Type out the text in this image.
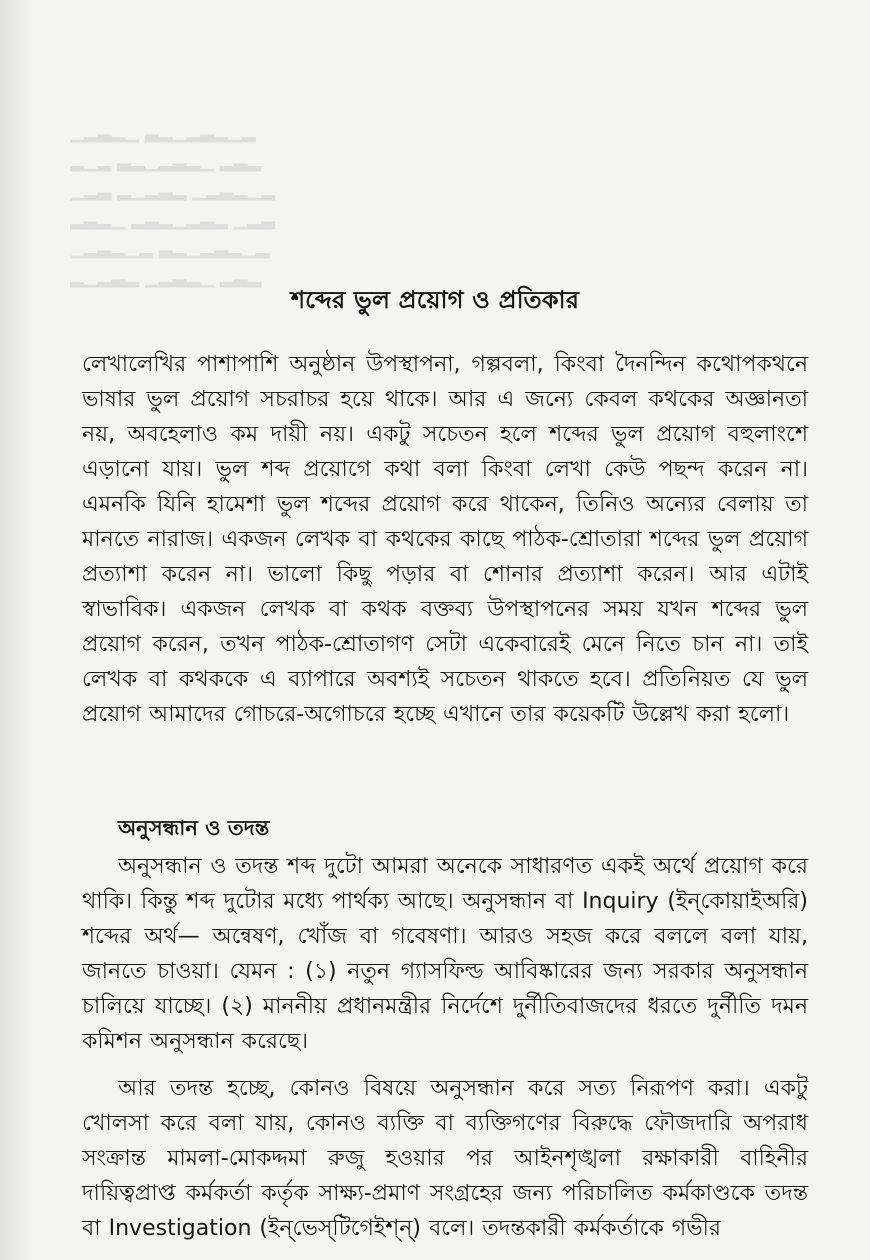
▁▂▃▂▁ ▃▂▁▂▃▂▁▂
▂▁▂ ▃▂▁▂▃▂▁ ▂▃▂
▁▂▃ ▂▁▂▃▂ ▁▂▃▂▁▂
▂▃▂▁ ▂▃▂▁▂▃▂ ▁▂▃
▁▂▃▂▁▂ ▃▂▁▂▃▂▁▂
▂▁▂▃▂ ▁▂▃▂▁ ▂▃▂
শব্দের ভুল প্রয়োগ ও প্রতিকার
লেখালেখির পাশাপাশি অনুষ্ঠান উপস্থাপনা, গল্পবলা, কিংবা দৈনন্দিন কথোপকথনে ভাষার ভুল প্রয়োগ সচরাচর হয়ে থাকে। আর এ জন্যে কেবল কথকের অজ্ঞানতা নয়, অবহেলাও কম দায়ী নয়। একটু সচেতন হলে শব্দের ভুল প্রয়োগ বহুলাংশে এড়ানো যায়। ভুল শব্দ প্রয়োগে কথা বলা কিংবা লেখা কেউ পছন্দ করেন না। এমনকি যিনি হামেশা ভুল শব্দের প্রয়োগ করে থাকেন, তিনিও অন্যের বেলায় তা মানতে নারাজ। একজন লেখক বা কথকের কাছে পাঠক-শ্রোতারা শব্দের ভুল প্রয়োগ প্রত্যাশা করেন না। ভালো কিছু পড়ার বা শোনার প্রত্যাশা করেন। আর এটাই স্বাভাবিক। একজন লেখক বা কথক বক্তব্য উপস্থাপনের সময় যখন শব্দের ভুল প্রয়োগ করেন, তখন পাঠক-শ্রোতাগণ সেটা একেবারেই মেনে নিতে চান না। তাই লেখক বা কথককে এ ব্যাপারে অবশ্যই সচেতন থাকতে হবে। প্রতিনিয়ত যে ভুল প্রয়োগ আমাদের গোচরে-অগোচরে হচ্ছে এখানে তার কয়েকটি উল্লেখ করা হলো।
অনুসন্ধান ও তদন্ত
অনুসন্ধান ও তদন্ত শব্দ দুটো আমরা অনেকে সাধারণত একই অর্থে প্রয়োগ করে থাকি। কিন্তু শব্দ দুটোর মধ্যে পার্থক্য আছে। অনুসন্ধান বা Inquiry (ইন্‌কোয়াইঅরি) শব্দের অর্থ— অন্বেষণ, খোঁজ বা গবেষণা। আরও সহজ করে বললে বলা যায়, জানতে চাওয়া। যেমন : (১) নতুন গ্যাসফিল্ড আবিষ্কারের জন্য সরকার অনুসন্ধান চালিয়ে যাচ্ছে। (২) মাননীয় প্রধানমন্ত্রীর নির্দেশে দুর্নীতিবাজদের ধরতে দুর্নীতি দমন কমিশন অনুসন্ধান করেছে।
আর তদন্ত হচ্ছে, কোনও বিষয়ে অনুসন্ধান করে সত্য নিরূপণ করা। একটু খোলসা করে বলা যায়, কোনও ব্যক্তি বা ব্যক্তিগণের বিরুদ্ধে ফৌজদারি অপরাধ সংক্রান্ত মামলা-মোকদ্দমা রুজু হওয়ার পর আইনশৃঙ্খলা রক্ষাকারী বাহিনীর দায়িত্বপ্রাপ্ত কর্মকর্তা কর্তৃক সাক্ষ্য-প্রমাণ সংগ্রহের জন্য পরিচালিত কর্মকাণ্ডকে তদন্ত বা Investigation (ইন্‌ভেস্‌টিগেইশ্‌ন্‌) বলে। তদন্তকারী কর্মকর্তাকে গভীর
